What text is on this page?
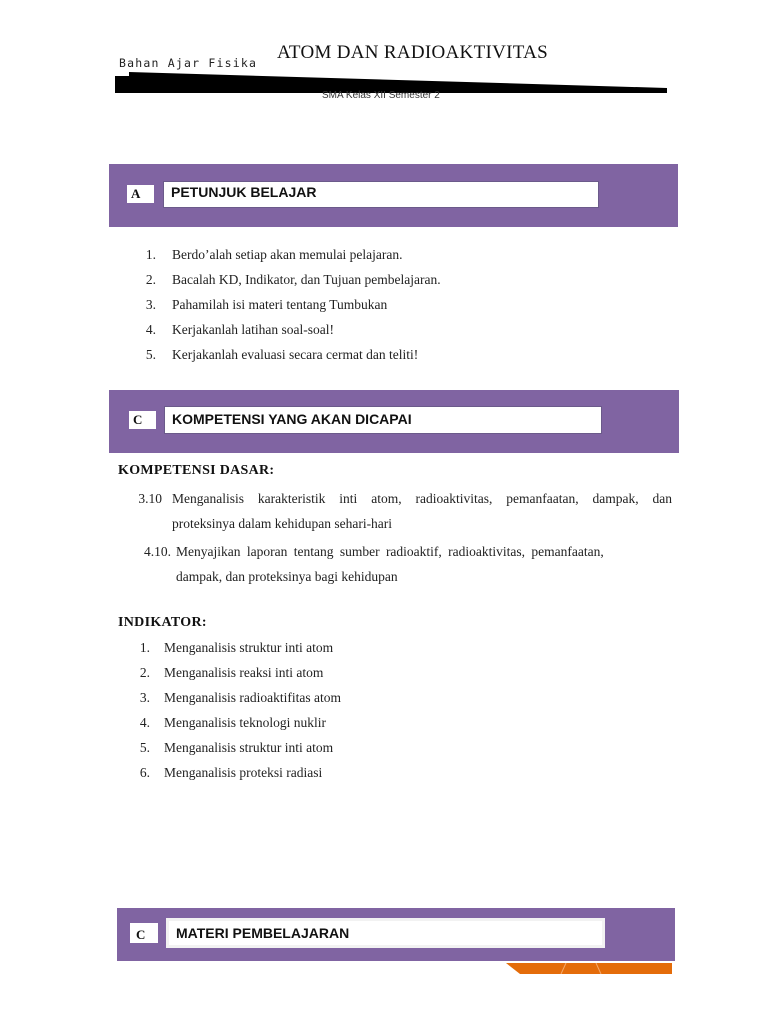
Bahan Ajar Fisika ATOM DAN RADIOAKTIVITAS
SMA Kelas XII Semester 2
A	PETUNJUK BELAJAR
1. Berdo’alah setiap akan memulai pelajaran.
2. Bacalah KD, Indikator, dan Tujuan pembelajaran.
3. Pahamilah isi materi tentang Tumbukan
4. Kerjakanlah latihan soal-soal!
5. Kerjakanlah evaluasi secara cermat dan teliti!
C	KOMPETENSI YANG AKAN DICAPAI
KOMPETENSI DASAR:
3.10 Menganalisis karakteristik inti atom, radioaktivitas, pemanfaatan, dampak, dan
proteksinya dalam kehidupan sehari-hari
4.10. Menyajikan laporan tentang sumber radioaktif, radioaktivitas, pemanfaatan,
dampak, dan proteksinya bagi kehidupan
INDIKATOR:
1. Menganalisis struktur inti atom
2. Menganalisis reaksi inti atom
3. Menganalisis radioaktifitas atom
4. Menganalisis teknologi nuklir
5. Menganalisis struktur inti atom
6. Menganalisis proteksi radiasi
C	MATERI PEMBELAJARAN
